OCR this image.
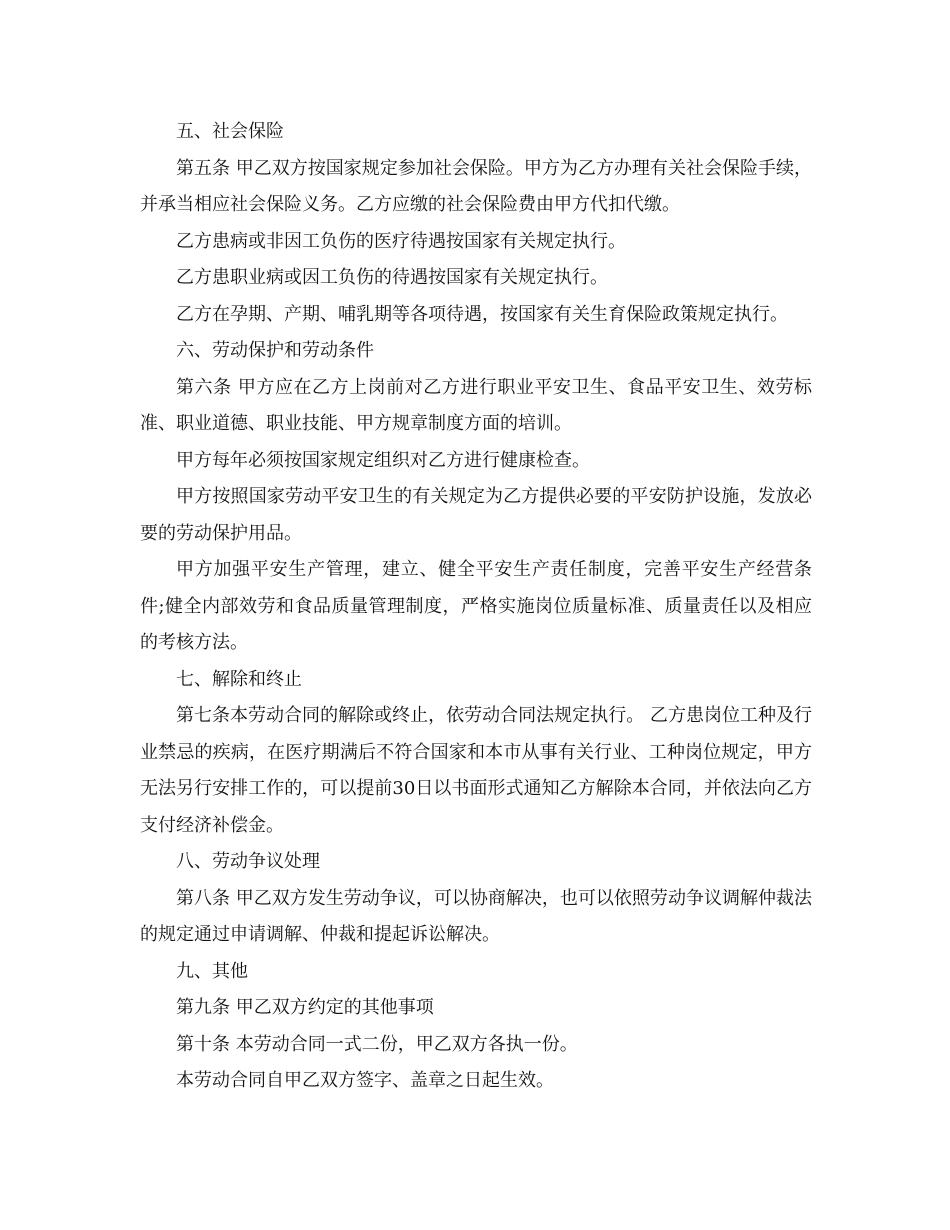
五、社会保险

第五条 甲乙双方按国家规定参加社会保险。甲方为乙方办理有关社会保险手续，并承当相应社会保险义务。乙方应缴的社会保险费由甲方代扣代缴。

乙方患病或非因工负伤的医疗待遇按国家有关规定执行。

乙方患职业病或因工负伤的待遇按国家有关规定执行。

乙方在孕期、产期、哺乳期等各项待遇，按国家有关生育保险政策规定执行。

六、劳动保护和劳动条件

第六条 甲方应在乙方上岗前对乙方进行职业平安卫生、食品平安卫生、效劳标准、职业道德、职业技能、甲方规章制度方面的培训。

甲方每年必须按国家规定组织对乙方进行健康检查。

甲方按照国家劳动平安卫生的有关规定为乙方提供必要的平安防护设施，发放必要的劳动保护用品。

甲方加强平安生产管理，建立、健全平安生产责任制度，完善平安生产经营条件;健全内部效劳和食品质量管理制度，严格实施岗位质量标准、质量责任以及相应的考核方法。

七、解除和终止

第七条本劳动合同的解除或终止，依劳动合同法规定执行。 乙方患岗位工种及行业禁忌的疾病，在医疗期满后不符合国家和本市从事有关行业、工种岗位规定，甲方无法另行安排工作的，可以提前30日以书面形式通知乙方解除本合同，并依法向乙方支付经济补偿金。

八、劳动争议处理

第八条 甲乙双方发生劳动争议，可以协商解决，也可以依照劳动争议调解仲裁法的规定通过申请调解、仲裁和提起诉讼解决。

九、其他

第九条 甲乙双方约定的其他事项

第十条 本劳动合同一式二份，甲乙双方各执一份。

本劳动合同自甲乙双方签字、盖章之日起生效。
